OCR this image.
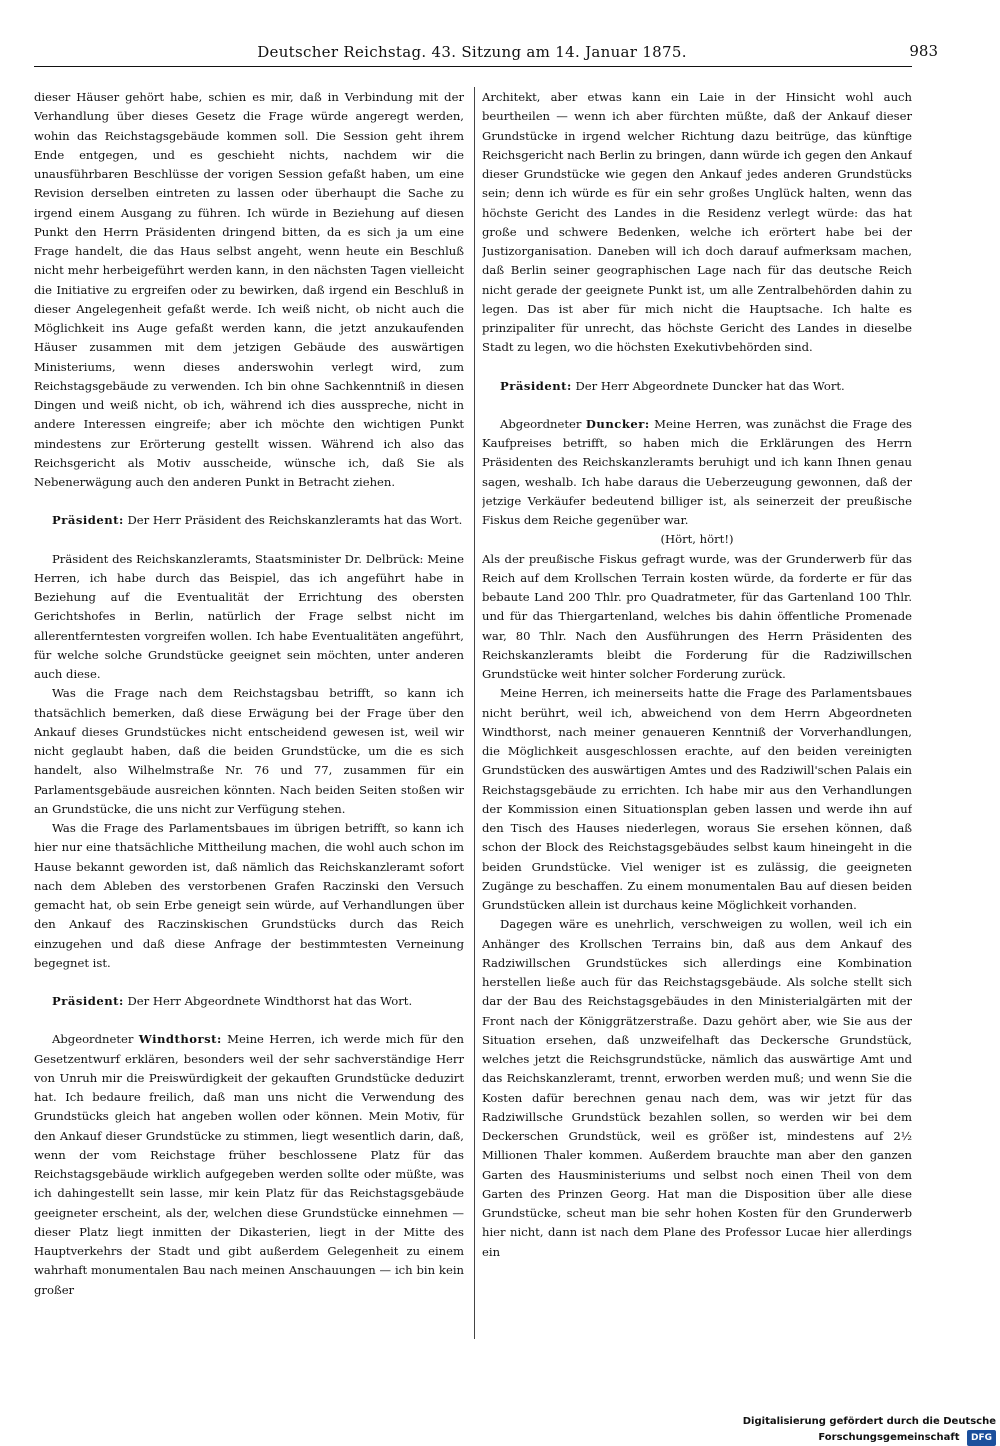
Deutscher Reichstag. 43. Sitzung am 14. Januar 1875.	983

dieser Häuser gehört habe, schien es mir, daß in Verbindung mit der Verhandlung über dieses Gesetz die Frage würde angeregt werden, wohin das Reichstagsgebäude kommen soll. Die Session geht ihrem Ende entgegen, und es geschieht nichts, nachdem wir die unausführbaren Beschlüsse der vorigen Session gefaßt haben, um eine Revision derselben eintreten zu lassen oder überhaupt die Sache zu irgend einem Ausgang zu führen. Ich würde in Beziehung auf diesen Punkt den Herrn Präsidenten dringend bitten, da es sich ja um eine Frage handelt, die das Haus selbst angeht, wenn heute ein Beschluß nicht mehr herbeigeführt werden kann, in den nächsten Tagen vielleicht die Initiative zu ergreifen oder zu bewirken, daß irgend ein Beschluß in dieser Angelegenheit gefaßt werde. Ich weiß nicht, ob nicht auch die Möglichkeit ins Auge gefaßt werden kann, die jetzt anzukaufenden Häuser zusammen mit dem jetzigen Gebäude des auswärtigen Ministeriums, wenn dieses anderswohin verlegt wird, zum Reichstagsgebäude zu verwenden. Ich bin ohne Sachkenntniß in diesen Dingen und weiß nicht, ob ich, während ich dies ausspreche, nicht in andere Interessen eingreife; aber ich möchte den wichtigen Punkt mindestens zur Erörterung gestellt wissen. Während ich also das Reichsgericht als Motiv ausscheide, wünsche ich, daß Sie als Nebenerwägung auch den anderen Punkt in Betracht ziehen.

Präsident: Der Herr Präsident des Reichskanzleramts hat das Wort.

Präsident des Reichskanzleramts, Staatsminister Dr. Delbrück: Meine Herren, ich habe durch das Beispiel, das ich angeführt habe in Beziehung auf die Eventualität der Errichtung des obersten Gerichtshofes in Berlin, natürlich der Frage selbst nicht im allerentferntesten vorgreifen wollen. Ich habe Eventualitäten angeführt, für welche solche Grundstücke geeignet sein möchten, unter anderen auch diese.

Was die Frage nach dem Reichstagsbau betrifft, so kann ich thatsächlich bemerken, daß diese Erwägung bei der Frage über den Ankauf dieses Grundstückes nicht entscheidend gewesen ist, weil wir nicht geglaubt haben, daß die beiden Grundstücke, um die es sich handelt, also Wilhelmstraße Nr. 76 und 77, zusammen für ein Parlamentsgebäude ausreichen könnten. Nach beiden Seiten stoßen wir an Grundstücke, die uns nicht zur Verfügung stehen.

Was die Frage des Parlamentsbaues im übrigen betrifft, so kann ich hier nur eine thatsächliche Mittheilung machen, die wohl auch schon im Hause bekannt geworden ist, daß nämlich das Reichskanzleramt sofort nach dem Ableben des verstorbenen Grafen Raczinski den Versuch gemacht hat, ob sein Erbe geneigt sein würde, auf Verhandlungen über den Ankauf des Raczinskischen Grundstücks durch das Reich einzugehen und daß diese Anfrage der bestimmtesten Verneinung begegnet ist.

Präsident: Der Herr Abgeordnete Windthorst hat das Wort.

Abgeordneter Windthorst: Meine Herren, ich werde mich für den Gesetzentwurf erklären, besonders weil der sehr sachverständige Herr von Unruh mir die Preiswürdigkeit der gekauften Grundstücke deduzirt hat. Ich bedaure freilich, daß man uns nicht die Verwendung des Grundstücks gleich hat angeben wollen oder können. Mein Motiv, für den Ankauf dieser Grundstücke zu stimmen, liegt wesentlich darin, daß, wenn der vom Reichstage früher beschlossene Platz für das Reichstagsgebäude wirklich aufgegeben werden sollte oder müßte, was ich dahingestellt sein lasse, mir kein Platz für das Reichstagsgebäude geeigneter erscheint, als der, welchen diese Grundstücke einnehmen — dieser Platz liegt inmitten der Dikasterien, liegt in der Mitte des Hauptverkehrs der Stadt und gibt außerdem Gelegenheit zu einem wahrhaft monumentalen Bau nach meinen Anschauungen — ich bin kein großer

Architekt, aber etwas kann ein Laie in der Hinsicht wohl auch beurtheilen — wenn ich aber fürchten müßte, daß der Ankauf dieser Grundstücke in irgend welcher Richtung dazu beitrüge, das künftige Reichsgericht nach Berlin zu bringen, dann würde ich gegen den Ankauf dieser Grundstücke wie gegen den Ankauf jedes anderen Grundstücks sein; denn ich würde es für ein sehr großes Unglück halten, wenn das höchste Gericht des Landes in die Residenz verlegt würde: das hat große und schwere Bedenken, welche ich erörtert habe bei der Justizorganisation. Daneben will ich doch darauf aufmerksam machen, daß Berlin seiner geographischen Lage nach für das deutsche Reich nicht gerade der geeignete Punkt ist, um alle Zentralbehörden dahin zu legen. Das ist aber für mich nicht die Hauptsache. Ich halte es prinzipaliter für unrecht, das höchste Gericht des Landes in dieselbe Stadt zu legen, wo die höchsten Exekutivbehörden sind.

Präsident: Der Herr Abgeordnete Duncker hat das Wort.

Abgeordneter Duncker: Meine Herren, was zunächst die Frage des Kaufpreises betrifft, so haben mich die Erklärungen des Herrn Präsidenten des Reichskanzleramts beruhigt und ich kann Ihnen genau sagen, weshalb. Ich habe daraus die Ueberzeugung gewonnen, daß der jetzige Verkäufer bedeutend billiger ist, als seinerzeit der preußische Fiskus dem Reiche gegenüber war.

(Hört, hört!)

Als der preußische Fiskus gefragt wurde, was der Grunderwerb für das Reich auf dem Krollschen Terrain kosten würde, da forderte er für das bebaute Land 200 Thlr. pro Quadratmeter, für das Gartenland 100 Thlr. und für das Thiergartenland, welches bis dahin öffentliche Promenade war, 80 Thlr. Nach den Ausführungen des Herrn Präsidenten des Reichskanzleramts bleibt die Forderung für die Radziwillschen Grundstücke weit hinter solcher Forderung zurück.

Meine Herren, ich meinerseits hatte die Frage des Parlamentsbaues nicht berührt, weil ich, abweichend von dem Herrn Abgeordneten Windthorst, nach meiner genaueren Kenntniß der Vorverhandlungen, die Möglichkeit ausgeschlossen erachte, auf den beiden vereinigten Grundstücken des auswärtigen Amtes und des Radziwill'schen Palais ein Reichstagsgebäude zu errichten. Ich habe mir aus den Verhandlungen der Kommission einen Situationsplan geben lassen und werde ihn auf den Tisch des Hauses niederlegen, woraus Sie ersehen können, daß schon der Block des Reichstagsgebäudes selbst kaum hineingeht in die beiden Grundstücke. Viel weniger ist es zulässig, die geeigneten Zugänge zu beschaffen. Zu einem monumentalen Bau auf diesen beiden Grundstücken allein ist durchaus keine Möglichkeit vorhanden.

Dagegen wäre es unehrlich, verschweigen zu wollen, weil ich ein Anhänger des Krollschen Terrains bin, daß aus dem Ankauf des Radziwillschen Grundstückes sich allerdings eine Kombination herstellen ließe auch für das Reichstagsgebäude. Als solche stellt sich dar der Bau des Reichstagsgebäudes in den Ministerialgärten mit der Front nach der Königgrätzerstraße. Dazu gehört aber, wie Sie aus der Situation ersehen, daß unzweifelhaft das Deckersche Grundstück, welches jetzt die Reichsgrundstücke, nämlich das auswärtige Amt und das Reichskanzleramt, trennt, erworben werden muß; und wenn Sie die Kosten dafür berechnen genau nach dem, was wir jetzt für das Radziwillsche Grundstück bezahlen sollen, so werden wir bei dem Deckerschen Grundstück, weil es größer ist, mindestens auf 2½ Millionen Thaler kommen. Außerdem brauchte man aber den ganzen Garten des Hausministeriums und selbst noch einen Theil von dem Garten des Prinzen Georg. Hat man die Disposition über alle diese Grundstücke, scheut man bie sehr hohen Kosten für den Grunderwerb hier nicht, dann ist nach dem Plane des Professor Lucae hier allerdings ein

Digitalisierung gefördert durch die Deutsche Forschungsgemeinschaft DFG
